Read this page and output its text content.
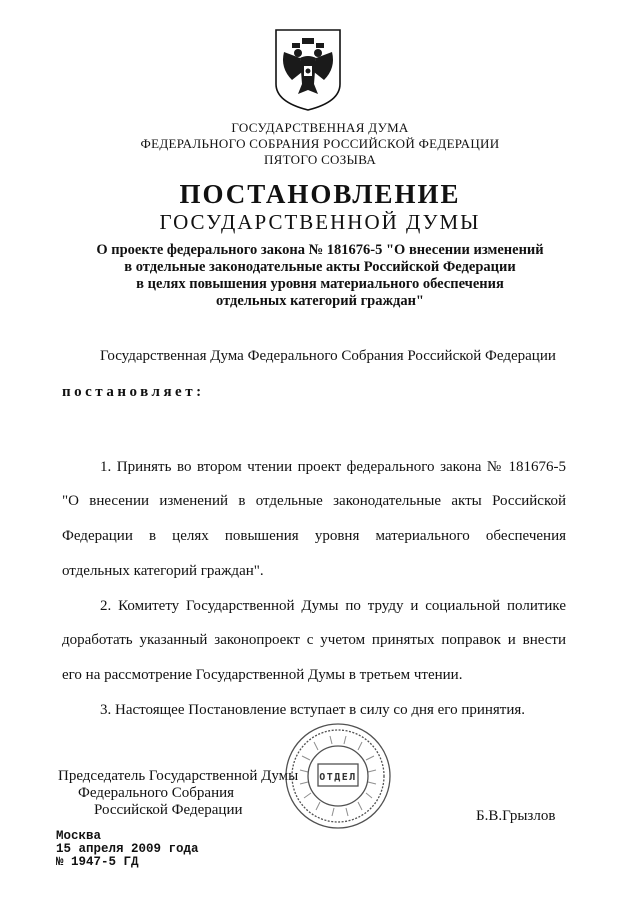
ГОСУДАРСТВЕННАЯ ДУМА
ФЕДЕРАЛЬНОГО СОБРАНИЯ РОССИЙСКОЙ ФЕДЕРАЦИИ
ПЯТОГО СОЗЫВА
ПОСТАНОВЛЕНИЕ
ГОСУДАРСТВЕННОЙ ДУМЫ
О проекте федерального закона № 181676-5 "О внесении изменений
в отдельные законодательные акты Российской Федерации
в целях повышения уровня материального обеспечения
отдельных категорий граждан"
Государственная Дума Федерального Собрания Российской Федерации
постановляет:
1. Принять во втором чтении проект федерального закона № 181676-5
"О внесении изменений в отдельные законодательные акты Российской
Федерации в целях повышения уровня материального обеспечения
отдельных категорий граждан".
2. Комитету Государственной Думы по труду и социальной политике
доработать указанный законопроект с учетом принятых поправок и внести
его на рассмотрение Государственной Думы в третьем чтении.
3. Настоящее Постановление вступает в силу со дня его принятия.
Председатель Государственной Думы
Федерального Собрания
Российской Федерации	Б.В.Грызлов
ОТДЕЛ
Москва
15 апреля 2009 года
№ 1947-5 ГД
